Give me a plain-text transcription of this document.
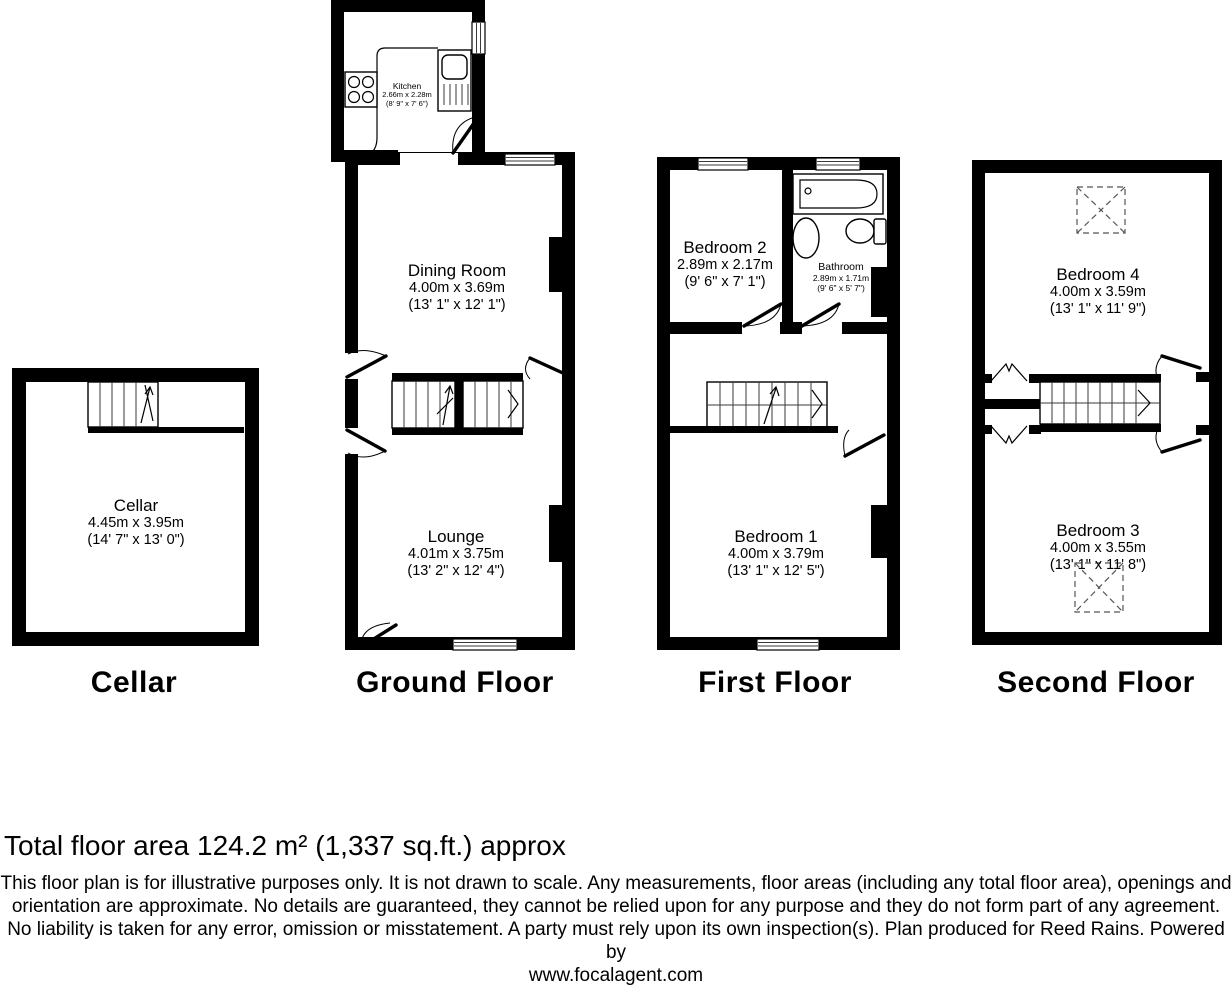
Kitchen
2.66m x 2.28m
(8' 9" x 7' 6")
Dining Room
4.00m x 3.69m
(13' 1" x 12' 1")
Cellar
4.45m x 3.95m
(14' 7" x 13' 0")	Lounge
4.01m x 3.75m
(13' 2" x 12' 4")
Bedroom 2
2.89m x 2.17m
(9' 6" x 7' 1")
Bathroom
2.89m x 1.71m
(9' 6" x 5' 7")
Bedroom 1
4.00m x 3.79m
(13' 1" x 12' 5")
Bedroom 4
4.00m x 3.59m
(13' 1" x 11' 9")
Bedroom 3
4.00m x 3.55m
(13' 1" x 11' 8")
Cellar	Ground Floor	First Floor	Second Floor
Total floor area 124.2 m² (1,337 sq.ft.) approx
This floor plan is for illustrative purposes only. It is not drawn to scale. Any measurements, floor areas (including any total floor area), openings and orientation are approximate. No details are guaranteed, they cannot be relied upon for any purpose and they do not form part of any agreement. No liability is taken for any error, omission or misstatement. A party must rely upon its own inspection(s). Plan produced for Reed Rains. Powered by
www.focalagent.com
